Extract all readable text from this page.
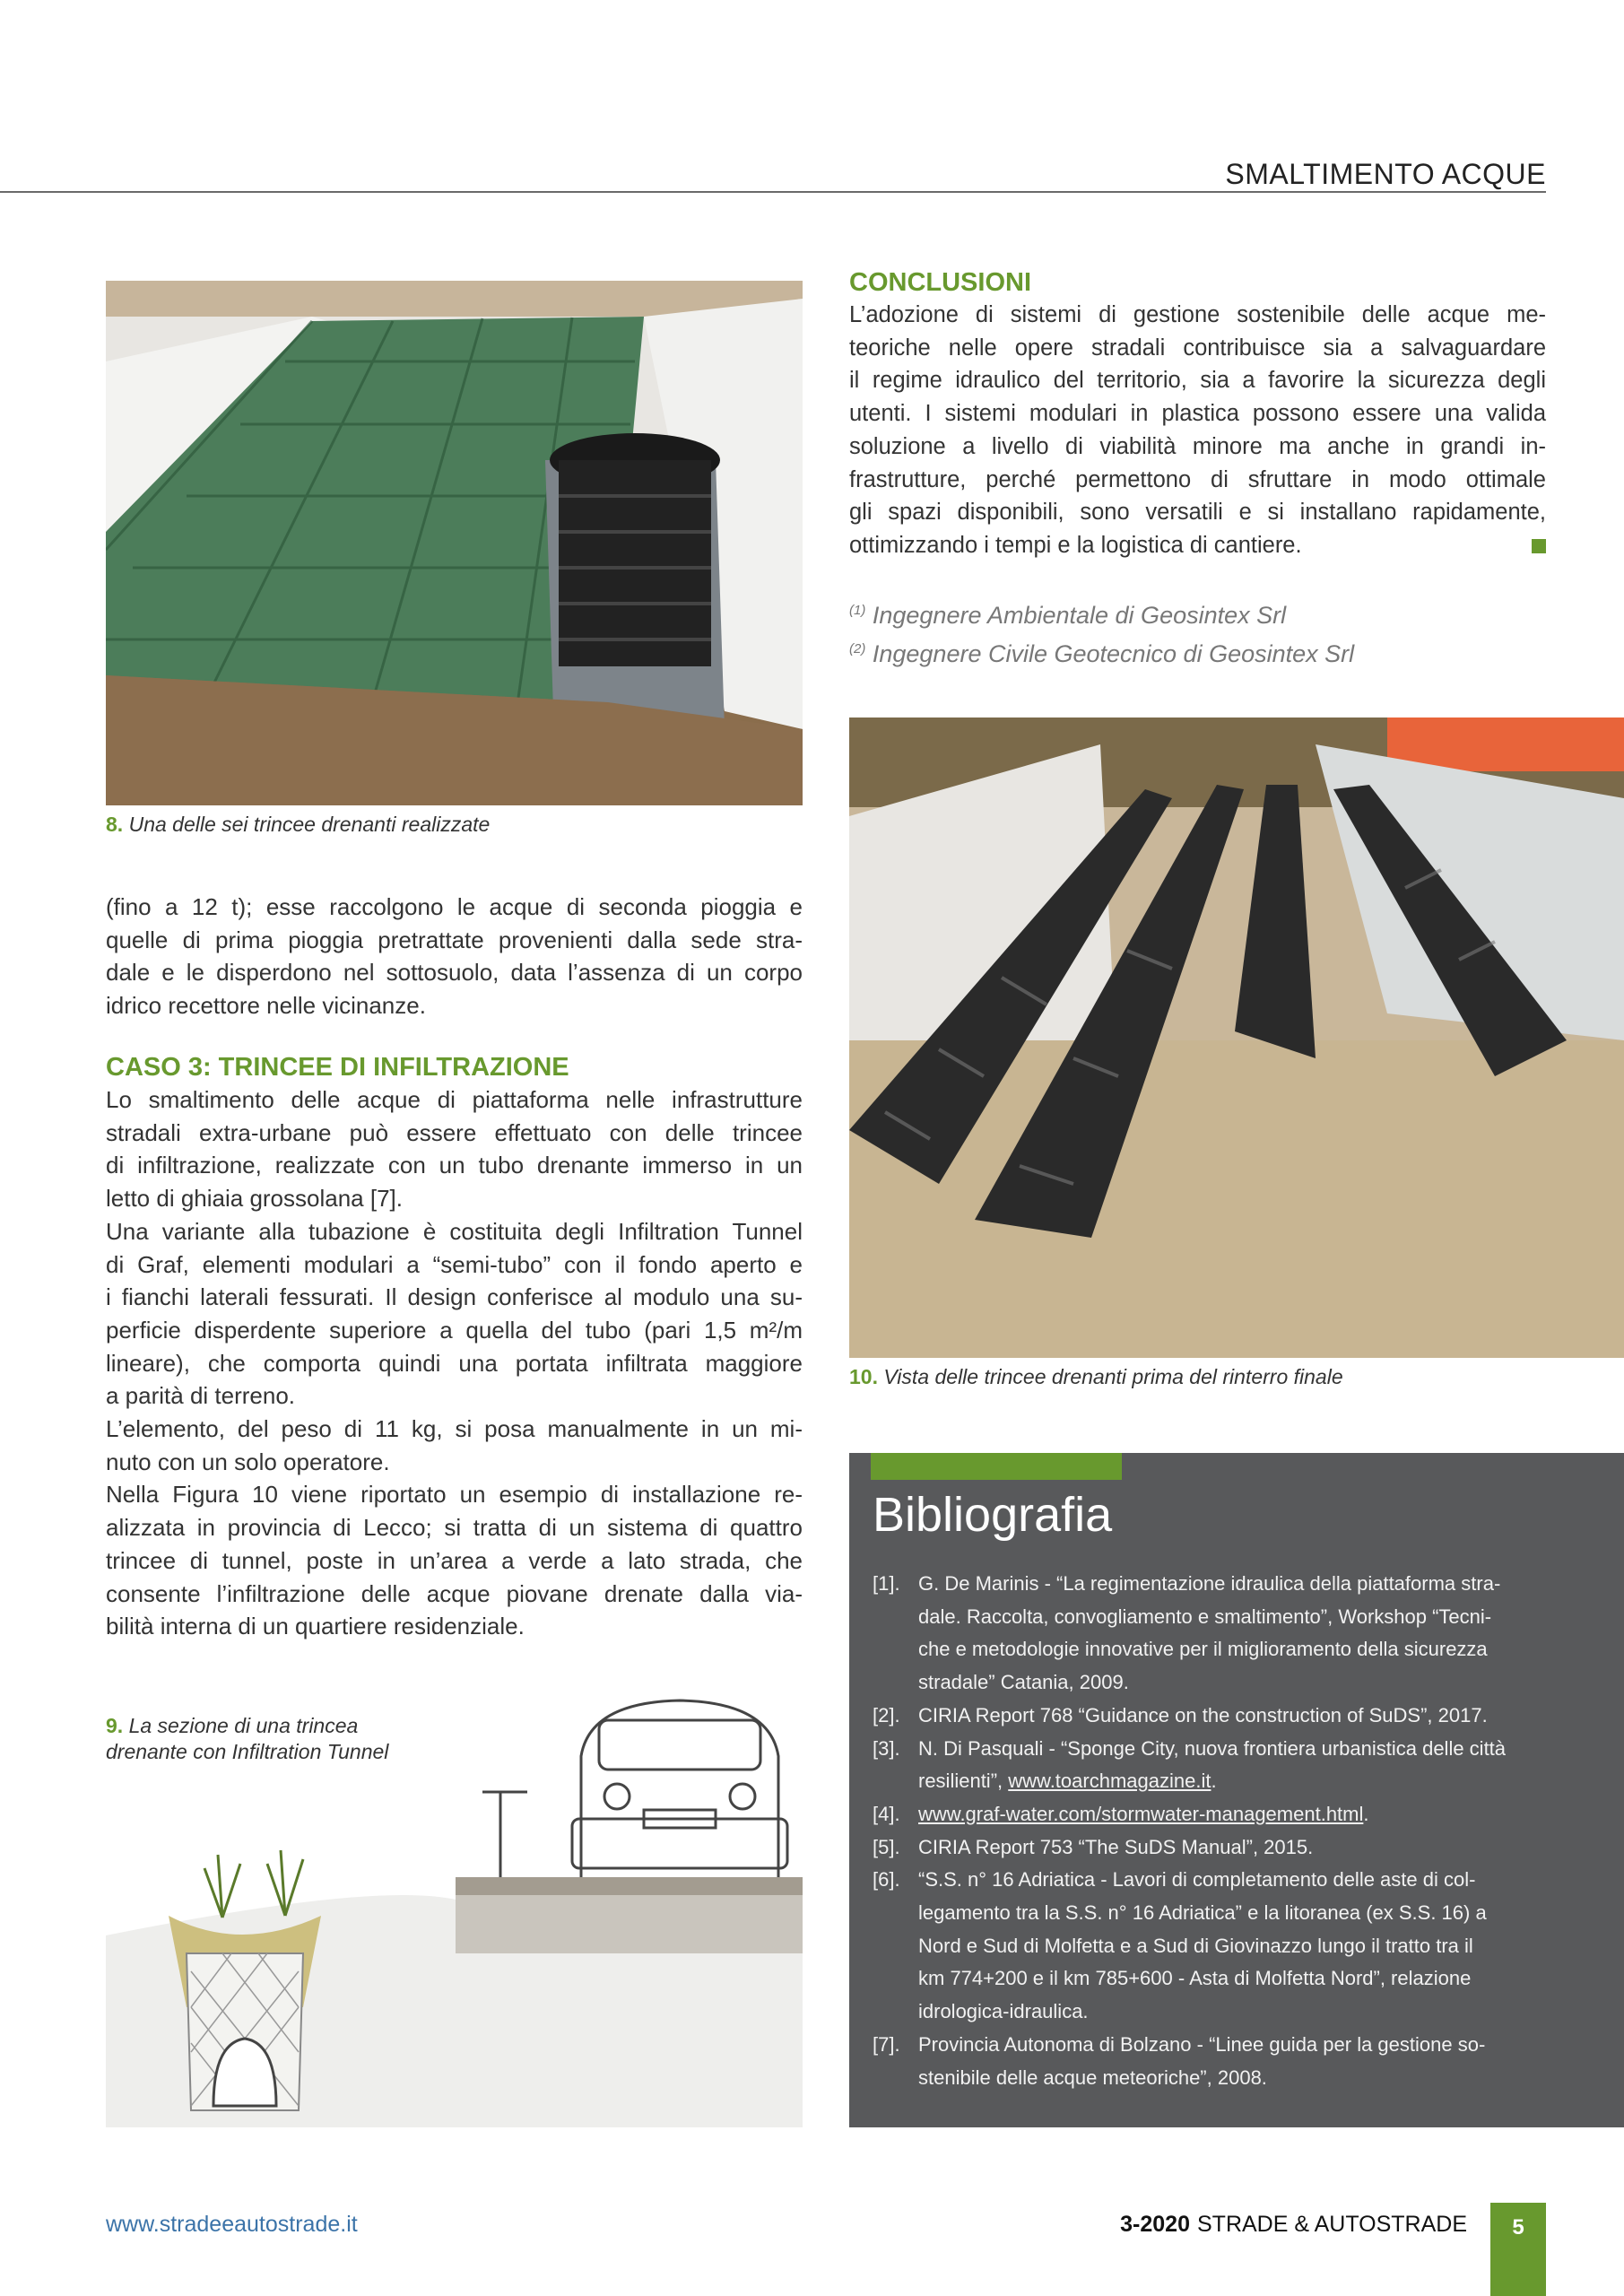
SMALTIMENTO ACQUE
8. Una delle sei trincee drenanti realizzate
(fino a 12 t); esse raccolgono le acque di seconda pioggia e
quelle di prima pioggia pretrattate provenienti dalla sede stra-
dale e le disperdono nel sottosuolo, data l’assenza di un corpo
idrico recettore nelle vicinanze.
CASO 3: TRINCEE DI INFILTRAZIONE
Lo smaltimento delle acque di piattaforma nelle infrastrutture
stradali extra-urbane può essere effettuato con delle trincee
di infiltrazione, realizzate con un tubo drenante immerso in un
letto di ghiaia grossolana [7].
Una variante alla tubazione è costituita degli Infiltration Tunnel
di Graf, elementi modulari a “semi-tubo” con il fondo aperto e
i fianchi laterali fessurati. Il design conferisce al modulo una su-
perficie disperdente superiore a quella del tubo (pari 1,5 m²/m
lineare), che comporta quindi una portata infiltrata maggiore
a parità di terreno.
L’elemento, del peso di 11 kg, si posa manualmente in un mi-
nuto con un solo operatore.
Nella Figura 10 viene riportato un esempio di installazione re-
alizzata in provincia di Lecco; si tratta di un sistema di quattro
trincee di tunnel, poste in un’area a verde a lato strada, che
consente l’infiltrazione delle acque piovane drenate dalla via-
bilità interna di un quartiere residenziale.
9. La sezione di una trincea
drenante con Infiltration Tunnel
CONCLUSIONI
L’adozione di sistemi di gestione sostenibile delle acque me-
teoriche nelle opere stradali contribuisce sia a salvaguardare
il regime idraulico del territorio, sia a favorire la sicurezza degli
utenti. I sistemi modulari in plastica possono essere una valida
soluzione a livello di viabilità minore ma anche in grandi in-
frastrutture, perché permettono di sfruttare in modo ottimale
gli spazi disponibili, sono versatili e si installano rapidamente,
ottimizzando i tempi e la logistica di cantiere.
$^{(1)}$ Ingegnere Ambientale di Geosintex Srl
$^{(2)}$ Ingegnere Civile Geotecnico di Geosintex Srl
10. Vista delle trincee drenanti prima del rinterro finale
Bibliografia
[1]. G. De Marinis - “La regimentazione idraulica della piattaforma stra-
dale. Raccolta, convogliamento e smaltimento”, Workshop “Tecni-
che e metodologie innovative per il miglioramento della sicurezza
stradale” Catania, 2009.
[2]. CIRIA Report 768 “Guidance on the construction of SuDS”, 2017.
[3]. N. Di Pasquali - “Sponge City, nuova frontiera urbanistica delle città
resilienti”, www.toarchmagazine.it.
[4]. www.graf-water.com/stormwater-management.html.
[5]. CIRIA Report 753 “The SuDS Manual”, 2015.
[6]. “S.S. n° 16 Adriatica - Lavori di completamento delle aste di col-
legamento tra la S.S. n° 16 Adriatica” e la litoranea (ex S.S. 16) a
Nord e Sud di Molfetta e a Sud di Giovinazzo lungo il tratto tra il
km 774+200 e il km 785+600 - Asta di Molfetta Nord”, relazione
idrologica-idraulica.
[7]. Provincia Autonoma di Bolzano - “Linee guida per la gestione so-
stenibile delle acque meteoriche”, 2008.
www.stradeeautostrade.it	3-2020 STRADE & AUTOSTRADE	5
